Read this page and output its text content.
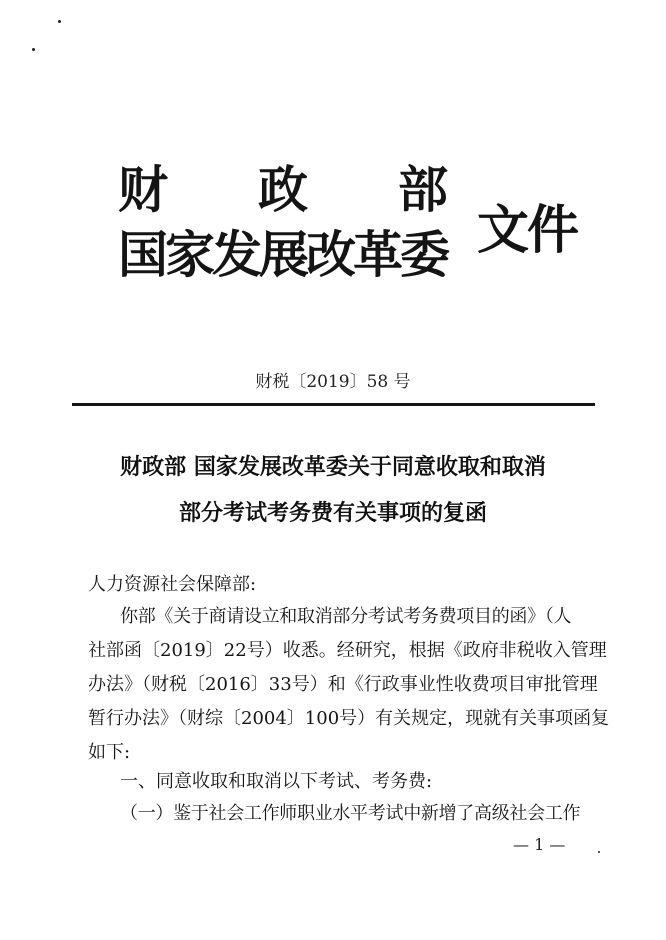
财 政 部
国家发展改革委 文件
财税〔2019〕58 号
财政部 国家发展改革委关于同意收取和取消
部分考试考务费有关事项的复函
人力资源社会保障部:
你部《关于商请设立和取消部分考试考务费项目的函》（人
社部函〔2019〕22号）收悉。经研究，根据《政府非税收入管理
办法》（财税〔2016〕33号）和《行政事业性收费项目审批管理
暂行办法》（财综〔2004〕100号）有关规定，现就有关事项函复
如下:
一、同意收取和取消以下考试、考务费:
（一）鉴于社会工作师职业水平考试中新增了高级社会工作
— 1 —
